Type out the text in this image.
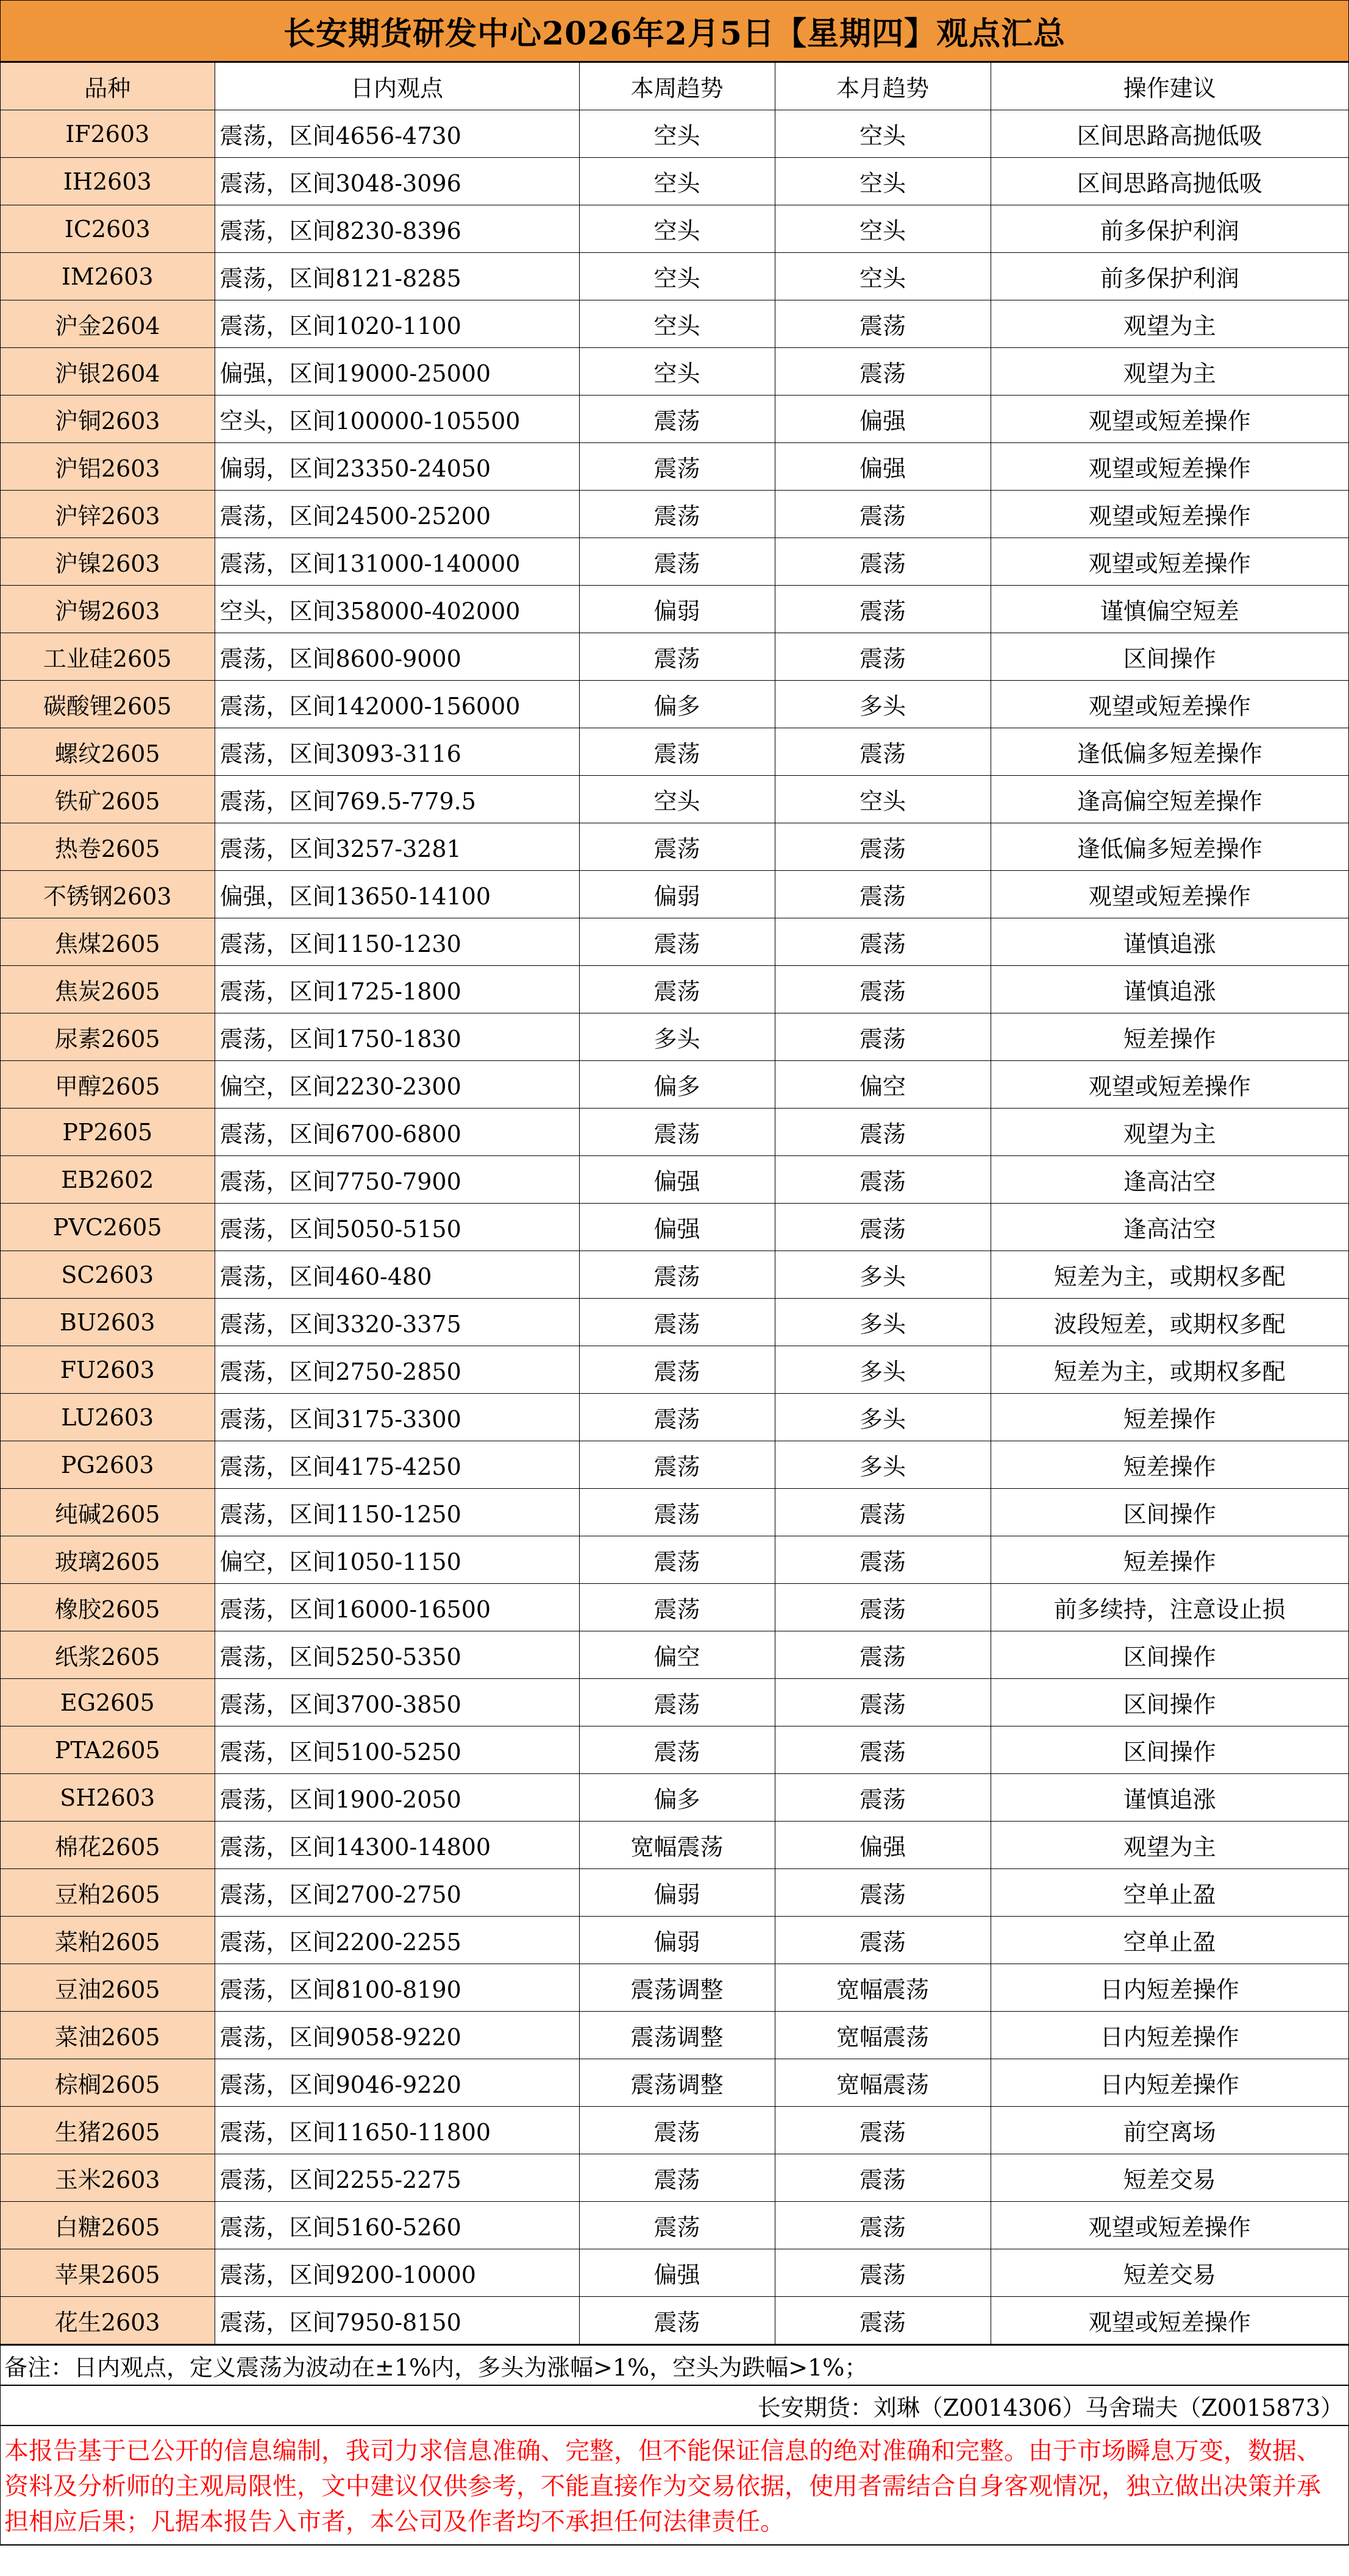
长安期货研发中心2026年2月5日【星期四】观点汇总
品种	日内观点	本周趋势	本月趋势	操作建议
IF2603	震荡，区间4656-4730	空头	空头	区间思路高抛低吸
IH2603	震荡，区间3048-3096	空头	空头	区间思路高抛低吸
IC2603	震荡，区间8230-8396	空头	空头	前多保护利润
IM2603	震荡，区间8121-8285	空头	空头	前多保护利润
沪金2604	震荡，区间1020-1100	空头	震荡	观望为主
沪银2604	偏强，区间19000-25000	空头	震荡	观望为主
沪铜2603	空头，区间100000-105500	震荡	偏强	观望或短差操作
沪铝2603	偏弱，区间23350-24050	震荡	偏强	观望或短差操作
沪锌2603	震荡，区间24500-25200	震荡	震荡	观望或短差操作
沪镍2603	震荡，区间131000-140000	震荡	震荡	观望或短差操作
沪锡2603	空头，区间358000-402000	偏弱	震荡	谨慎偏空短差
工业硅2605	震荡，区间8600-9000	震荡	震荡	区间操作
碳酸锂2605	震荡，区间142000-156000	偏多	多头	观望或短差操作
螺纹2605	震荡，区间3093-3116	震荡	震荡	逢低偏多短差操作
铁矿2605	震荡，区间769.5-779.5	空头	空头	逢高偏空短差操作
热卷2605	震荡，区间3257-3281	震荡	震荡	逢低偏多短差操作
不锈钢2603	偏强，区间13650-14100	偏弱	震荡	观望或短差操作
焦煤2605	震荡，区间1150-1230	震荡	震荡	谨慎追涨
焦炭2605	震荡，区间1725-1800	震荡	震荡	谨慎追涨
尿素2605	震荡，区间1750-1830	多头	震荡	短差操作
甲醇2605	偏空，区间2230-2300	偏多	偏空	观望或短差操作
PP2605	震荡，区间6700-6800	震荡	震荡	观望为主
EB2602	震荡，区间7750-7900	偏强	震荡	逢高沽空
PVC2605	震荡，区间5050-5150	偏强	震荡	逢高沽空
SC2603	震荡，区间460-480	震荡	多头	短差为主，或期权多配
BU2603	震荡，区间3320-3375	震荡	多头	波段短差，或期权多配
FU2603	震荡，区间2750-2850	震荡	多头	短差为主，或期权多配
LU2603	震荡，区间3175-3300	震荡	多头	短差操作
PG2603	震荡，区间4175-4250	震荡	多头	短差操作
纯碱2605	震荡，区间1150-1250	震荡	震荡	区间操作
玻璃2605	偏空，区间1050-1150	震荡	震荡	短差操作
橡胶2605	震荡，区间16000-16500	震荡	震荡	前多续持，注意设止损
纸浆2605	震荡，区间5250-5350	偏空	震荡	区间操作
EG2605	震荡，区间3700-3850	震荡	震荡	区间操作
PTA2605	震荡，区间5100-5250	震荡	震荡	区间操作
SH2603	震荡，区间1900-2050	偏多	震荡	谨慎追涨
棉花2605	震荡，区间14300-14800	宽幅震荡	偏强	观望为主
豆粕2605	震荡，区间2700-2750	偏弱	震荡	空单止盈
菜粕2605	震荡，区间2200-2255	偏弱	震荡	空单止盈
豆油2605	震荡，区间8100-8190	震荡调整	宽幅震荡	日内短差操作
菜油2605	震荡，区间9058-9220	震荡调整	宽幅震荡	日内短差操作
棕榈2605	震荡，区间9046-9220	震荡调整	宽幅震荡	日内短差操作
生猪2605	震荡，区间11650-11800	震荡	震荡	前空离场
玉米2603	震荡，区间2255-2275	震荡	震荡	短差交易
白糖2605	震荡，区间5160-5260	震荡	震荡	观望或短差操作
苹果2605	震荡，区间9200-10000	偏强	震荡	短差交易
花生2603	震荡，区间7950-8150	震荡	震荡	观望或短差操作
备注：日内观点，定义震荡为波动在±1%内，多头为涨幅>1%，空头为跌幅>1%；
长安期货：刘琳（Z0014306）马舍瑞夫（Z0015873）
本报告基于已公开的信息编制，我司力求信息准确、完整，但不能保证信息的绝对准确和完整。由于市场瞬息万变，数据、资料及分析师的主观局限性，文中建议仅供参考，不能直接作为交易依据，使用者需结合自身客观情况，独立做出决策并承担相应后果；凡据本报告入市者，本公司及作者均不承担任何法律责任。
